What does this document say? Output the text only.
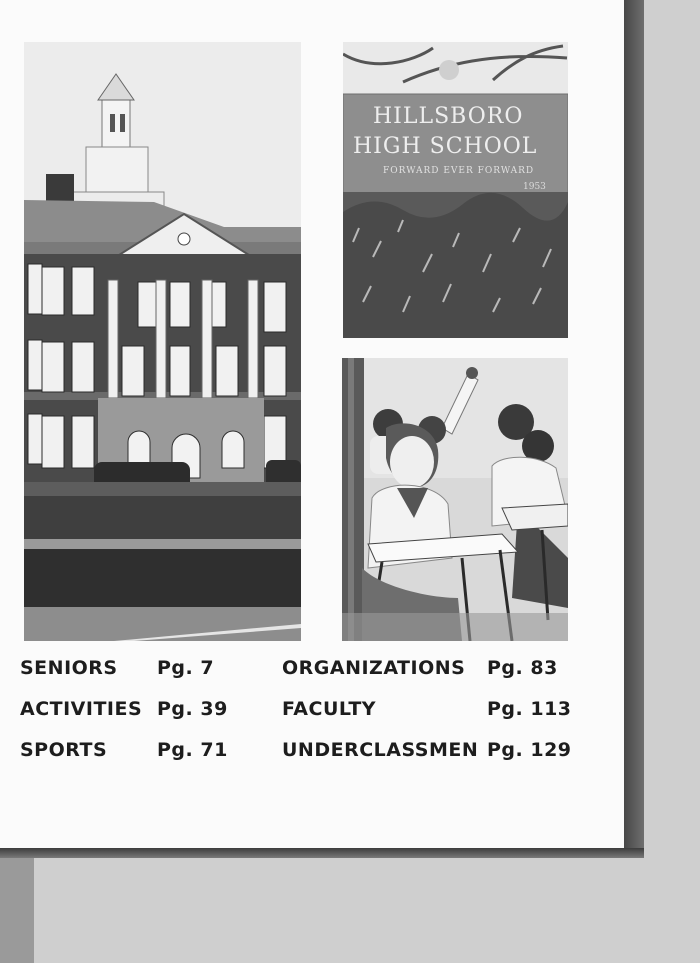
HILLSBORO
HIGH SCHOOL
FORWARD EVER FORWARD
1953
SENIORS Pg. 7
ACTIVITIES Pg. 39
SPORTS	Pg. 71
ORGANIZATIONS Pg. 83
FACULTY	Pg. 113
UNDERCLASSMEN Pg. 129
